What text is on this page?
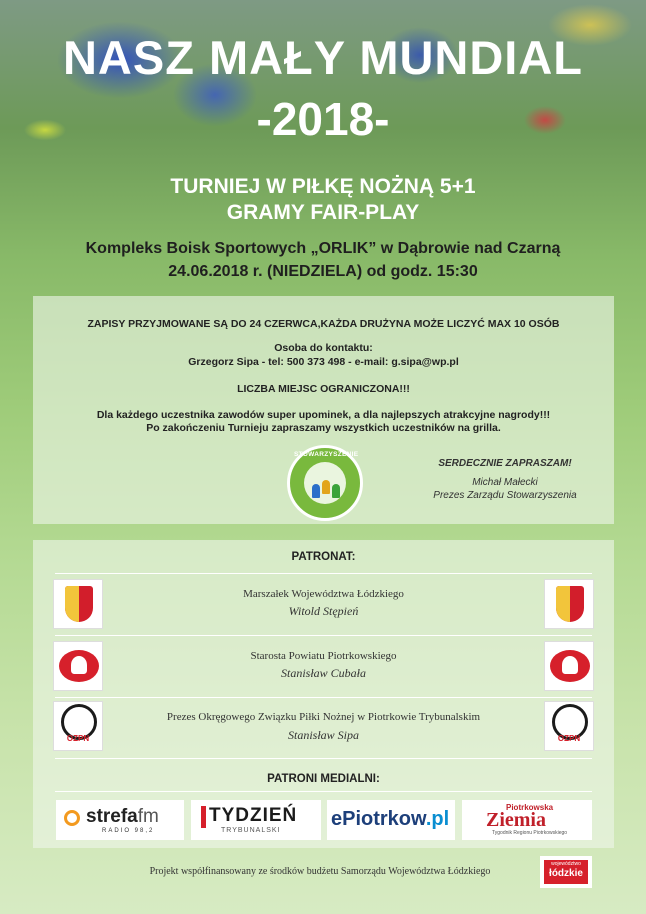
NASZ MAŁY MUNDIAL
-2018-
TURNIEJ W PIŁKĘ NOŻNĄ 5+1
GRAMY FAIR-PLAY
Kompleks Boisk Sportowych „ORLIK” w Dąbrowie nad Czarną
24.06.2018 r. (NIEDZIELA) od godz. 15:30
ZAPISY PRZYJMOWANE SĄ DO 24 CZERWCA,KAŻDA DRUŻYNA MOŻE LICZYĆ MAX 10 OSÓB
Osoba do kontaktu:
Grzegorz Sipa - tel: 500 373 498 - e-mail: g.sipa@wp.pl
LICZBA MIEJSC OGRANICZONA!!!
Dla każdego uczestnika zawodów super upominek, a dla najlepszych atrakcyjne nagrody!!!
Po zakończeniu Turnieju zapraszamy wszystkich uczestników na grilla.
STOWARZYSZENIE
SERDECZNIE ZAPRASZAM!
Michał Małecki
Prezes Zarządu Stowarzyszenia
PATRONAT:
Marszałek Województwa Łódzkiego
Witold Stępień
Starosta Powiatu Piotrkowskiego
Stanisław Cubała
OZPN
Prezes Okręgowego Związku Piłki Nożnej w Piotrkowie Trybunalskim
Stanisław Sipa	OZPN
PATRONI MEDIALNI:
strefafm
RADIO 98,2
TYDZIEŃ
TRYBUNALSKI
ePiotrkow.pl
Piotrkowska
Ziemia
Tygodnik Regionu Piotrkowskiego
Projekt współfinansowany ze środków budżetu Samorządu Województwa Łódzkiego
województwo
łódzkie
